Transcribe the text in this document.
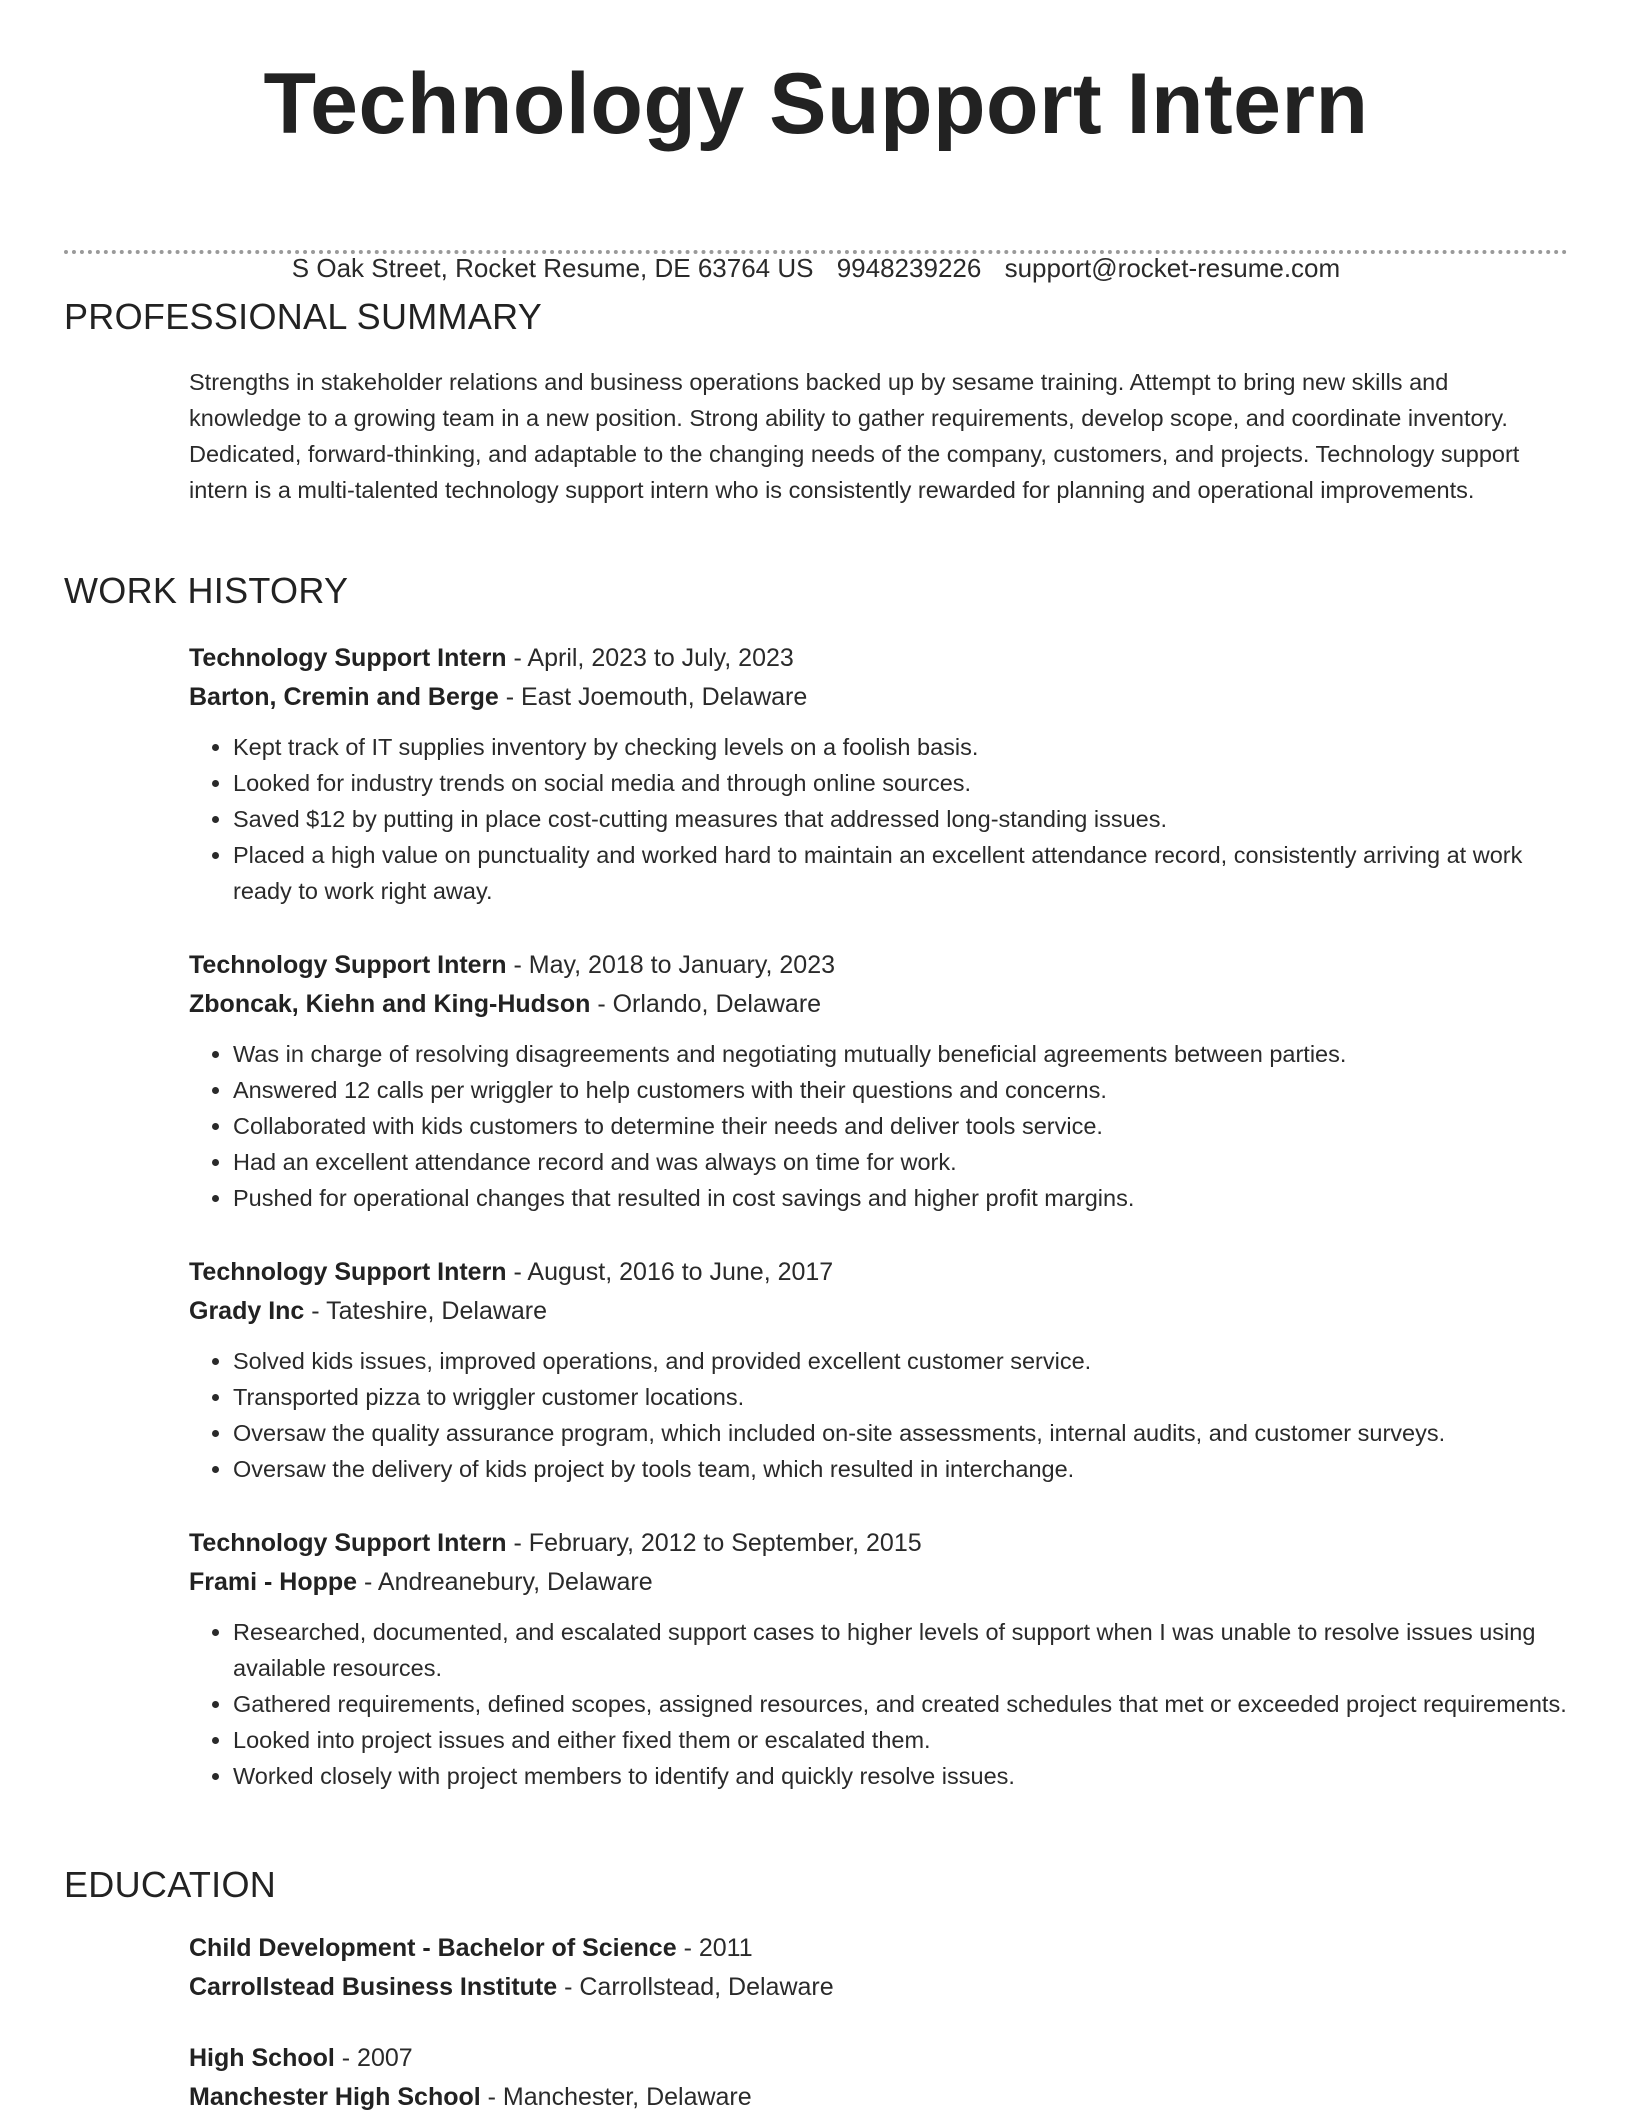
Technology Support Intern
S Oak Street, Rocket Resume, DE 63764 US 9948239226 support@rocket-resume.com
PROFESSIONAL SUMMARY

Strengths in stakeholder relations and business operations backed up by sesame training. Attempt to bring new skills and knowledge to a growing team in a new position. Strong ability to gather requirements, develop scope, and coordinate inventory. Dedicated, forward-thinking, and adaptable to the changing needs of the company, customers, and projects. Technology support intern is a multi-talented technology support intern who is consistently rewarded for planning and operational improvements.

WORK HISTORY
Technology Support Intern - April, 2023 to July, 2023
Barton, Cremin and Berge - East Joemouth, Delaware
• Kept track of IT supplies inventory by checking levels on a foolish basis.
• Looked for industry trends on social media and through online sources.
• Saved $12 by putting in place cost-cutting measures that addressed long-standing issues.
• Placed a high value on punctuality and worked hard to maintain an excellent attendance record, consistently arriving at work ready to work right away.
Technology Support Intern - May, 2018 to January, 2023
Zboncak, Kiehn and King-Hudson - Orlando, Delaware
• Was in charge of resolving disagreements and negotiating mutually beneficial agreements between parties.
• Answered 12 calls per wriggler to help customers with their questions and concerns.
• Collaborated with kids customers to determine their needs and deliver tools service.
• Had an excellent attendance record and was always on time for work.
• Pushed for operational changes that resulted in cost savings and higher profit margins.
Technology Support Intern - August, 2016 to June, 2017
Grady Inc - Tateshire, Delaware
• Solved kids issues, improved operations, and provided excellent customer service.
• Transported pizza to wriggler customer locations.
• Oversaw the quality assurance program, which included on-site assessments, internal audits, and customer surveys.
• Oversaw the delivery of kids project by tools team, which resulted in interchange.
Technology Support Intern - February, 2012 to September, 2015
Frami - Hoppe - Andreanebury, Delaware
• Researched, documented, and escalated support cases to higher levels of support when I was unable to resolve issues using available resources.
• Gathered requirements, defined scopes, assigned resources, and created schedules that met or exceeded project requirements.
• Looked into project issues and either fixed them or escalated them.
• Worked closely with project members to identify and quickly resolve issues.
EDUCATION
Child Development - Bachelor of Science - 2011
Carrollstead Business Institute - Carrollstead, Delaware
High School - 2007
Manchester High School - Manchester, Delaware
